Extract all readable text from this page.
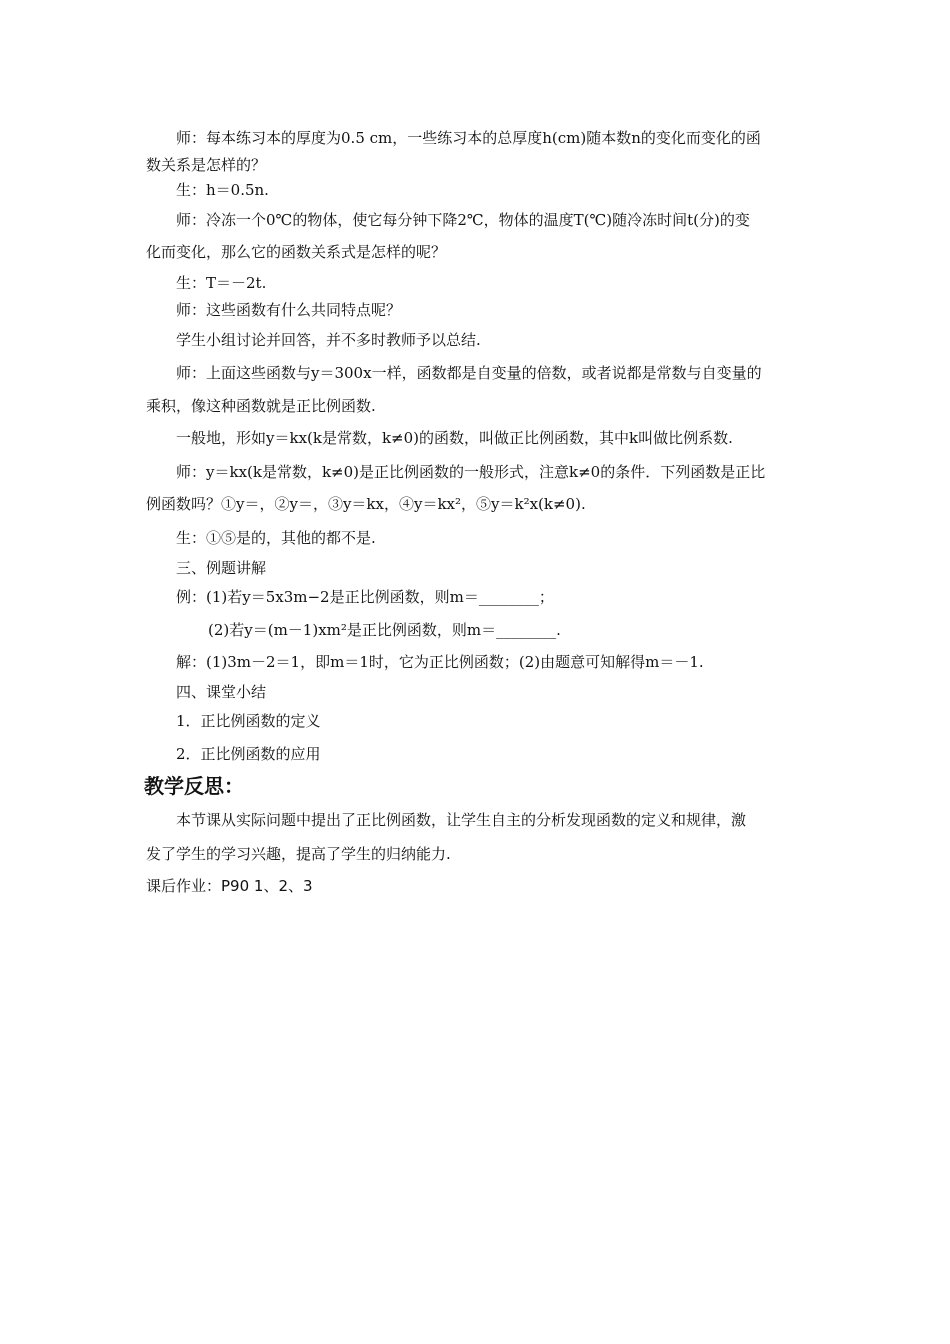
师：每本练习本的厚度为0.5 cm，一些练习本的总厚度h(cm)随本数n的变化而变化的函
数关系是怎样的？
生：h＝0.5n.
师：冷冻一个0℃的物体，使它每分钟下降2℃，物体的温度T(℃)随冷冻时间t(分)的变
化而变化，那么它的函数关系式是怎样的呢？
生：T＝－2t.
师：这些函数有什么共同特点呢？
学生小组讨论并回答，并不多时教师予以总结.
师：上面这些函数与y＝300x一样，函数都是自变量的倍数，或者说都是常数与自变量的
乘积，像这种函数就是正比例函数.
一般地，形如y＝kx(k是常数，k≠0)的函数，叫做正比例函数，其中k叫做比例系数.
师：y＝kx(k是常数，k≠0)是正比例函数的一般形式，注意k≠0的条件．下列函数是正比
例函数吗？①y＝，②y＝，③y＝kx，④y＝kx²，⑤y＝k²x(k≠0).
生：①⑤是的，其他的都不是.
三、例题讲解
例：(1)若y＝5x3m−2是正比例函数，则m＝________；
(2)若y＝(m－1)xm²是正比例函数，则m＝________.
解：(1)3m－2＝1，即m＝1时，它为正比例函数；(2)由题意可知解得m＝－1.
四、课堂小结
1．正比例函数的定义
2．正比例函数的应用
教学反思：
本节课从实际问题中提出了正比例函数，让学生自主的分析发现函数的定义和规律，激
发了学生的学习兴趣，提高了学生的归纳能力.
课后作业：P90 1、2、3
